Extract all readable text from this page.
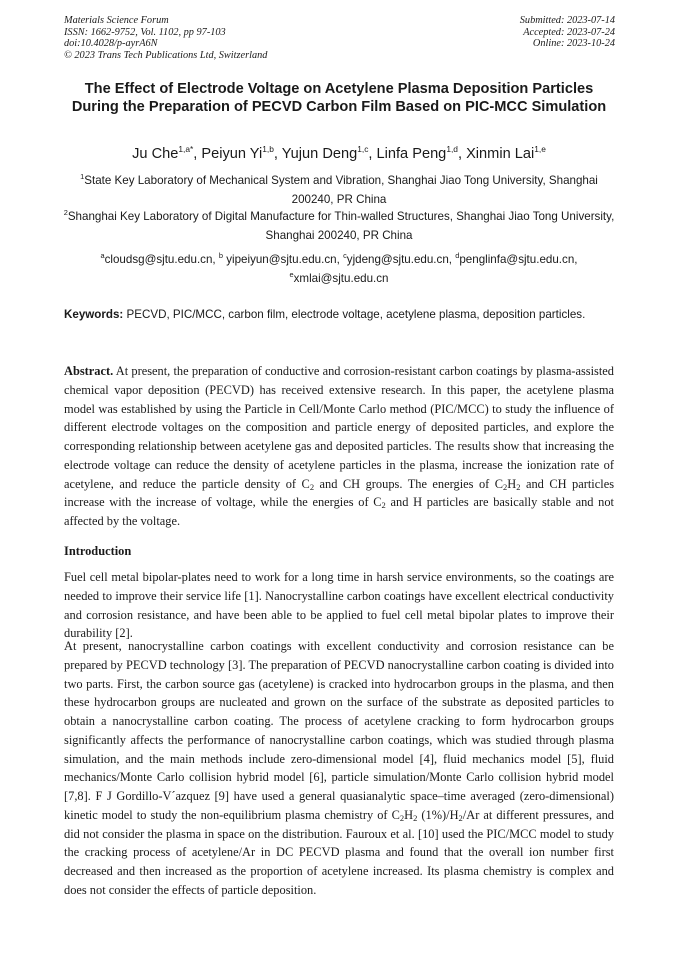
Materials Science Forum
ISSN: 1662-9752, Vol. 1102, pp 97-103
doi:10.4028/p-ayrA6N
© 2023 Trans Tech Publications Ltd, Switzerland
Submitted: 2023-07-14
Accepted: 2023-07-24
Online: 2023-10-24
The Effect of Electrode Voltage on Acetylene Plasma Deposition Particles During the Preparation of PECVD Carbon Film Based on PIC-MCC Simulation
Ju Che$^{1,a*}$, Peiyun Yi$^{1,b}$, Yujun Deng$^{1,c}$, Linfa Peng$^{1,d}$, Xinmin Lai$^{1,e}$
$^1$State Key Laboratory of Mechanical System and Vibration, Shanghai Jiao Tong University, Shanghai 200240, PR China
$^2$Shanghai Key Laboratory of Digital Manufacture for Thin-walled Structures, Shanghai Jiao Tong University, Shanghai 200240, PR China
$^a$cloudsg@sjtu.edu.cn, $^b$ yipeiyun@sjtu.edu.cn, $^c$yjdeng@sjtu.edu.cn, $^d$penglinfa@sjtu.edu.cn, $^e$xmlai@sjtu.edu.cn
Keywords: PECVD, PIC/MCC, carbon film, electrode voltage, acetylene plasma, deposition particles.
Abstract. At present, the preparation of conductive and corrosion-resistant carbon coatings by plasma-assisted chemical vapor deposition (PECVD) has received extensive research. In this paper, the acetylene plasma model was established by using the Particle in Cell/Monte Carlo method (PIC/MCC) to study the influence of different electrode voltages on the composition and particle energy of deposited particles, and explore the corresponding relationship between acetylene gas and deposited particles. The results show that increasing the electrode voltage can reduce the density of acetylene particles in the plasma, increase the ionization rate of acetylene, and reduce the particle density of $C_2$ and CH groups. The energies of $C_2H_2$ and CH particles increase with the increase of voltage, while the energies of $C_2$ and H particles are basically stable and not affected by the voltage.
Introduction
Fuel cell metal bipolar-plates need to work for a long time in harsh service environments, so the coatings are needed to improve their service life [1]. Nanocrystalline carbon coatings have excellent electrical conductivity and corrosion resistance, and have been able to be applied to fuel cell metal bipolar plates to improve their durability [2].
At present, nanocrystalline carbon coatings with excellent conductivity and corrosion resistance can be prepared by PECVD technology [3]. The preparation of PECVD nanocrystalline carbon coating is divided into two parts. First, the carbon source gas (acetylene) is cracked into hydrocarbon groups in the plasma, and then these hydrocarbon groups are nucleated and grown on the surface of the substrate as deposited particles to obtain a nanocrystalline carbon coating. The process of acetylene cracking to form hydrocarbon groups significantly affects the performance of nanocrystalline carbon coatings, which was studied through plasma simulation, and the main methods include zero-dimensional model [4], fluid mechanics model [5], fluid mechanics/Monte Carlo collision hybrid model [6], particle simulation/Monte Carlo collision hybrid model [7,8]. F J Gordillo-V´azquez [9] have used a general quasianalytic space–time averaged (zero-dimensional) kinetic model to study the non-equilibrium plasma chemistry of $C_2H_2$ $(1\%)/H_2/Ar$ at different pressures, and did not consider the plasma in space on the distribution. Fauroux et al. [10] used the PIC/MCC model to study the cracking process of acetylene/Ar in DC PECVD plasma and found that the overall ion number first decreased and then increased as the proportion of acetylene increased. Its plasma chemistry is complex and does not consider the effects of particle deposition.
